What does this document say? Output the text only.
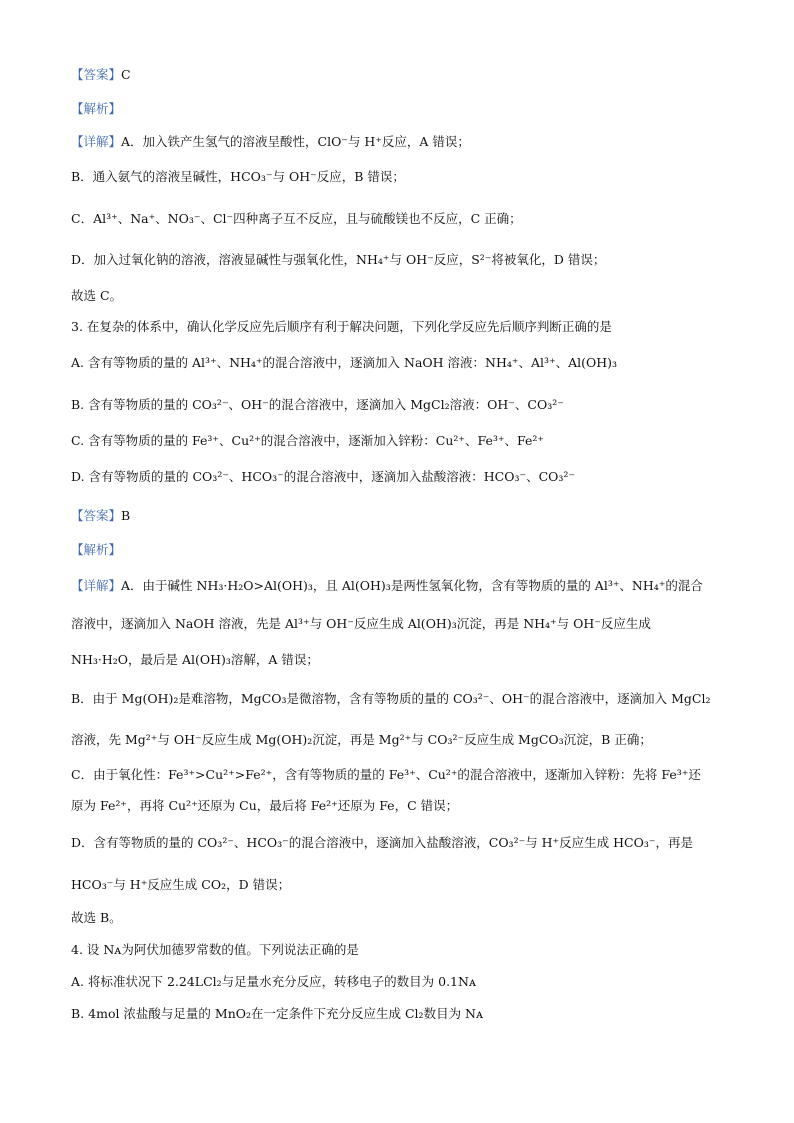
【答案】C
【解析】
【详解】A．加入铁产生氢气的溶液呈酸性，ClO⁻与 H⁺反应，A 错误；
B．通入氨气的溶液呈碱性，HCO₃⁻与 OH⁻反应，B 错误；
C．Al³⁺、Na⁺、NO₃⁻、Cl⁻四种离子互不反应，且与硫酸镁也不反应，C 正确；
D．加入过氧化钠的溶液，溶液显碱性与强氧化性，NH₄⁺与 OH⁻反应，S²⁻将被氧化，D 错误；
故选 C。
3. 在复杂的体系中，确认化学反应先后顺序有利于解决问题，下列化学反应先后顺序判断正确的是
A. 含有等物质的量的 Al³⁺、NH₄⁺的混合溶液中，逐滴加入 NaOH 溶液：NH₄⁺、Al³⁺、Al(OH)₃
B. 含有等物质的量的 CO₃²⁻、OH⁻的混合溶液中，逐滴加入 MgCl₂溶液：OH⁻、CO₃²⁻
C. 含有等物质的量的 Fe³⁺、Cu²⁺的混合溶液中，逐渐加入锌粉：Cu²⁺、Fe³⁺、Fe²⁺
D. 含有等物质的量的 CO₃²⁻、HCO₃⁻的混合溶液中，逐滴加入盐酸溶液：HCO₃⁻、CO₃²⁻
【答案】B
【解析】
【详解】A．由于碱性 NH₃·H₂O>Al(OH)₃，且 Al(OH)₃是两性氢氧化物，含有等物质的量的 Al³⁺、NH₄⁺的混合
溶液中，逐滴加入 NaOH 溶液，先是 Al³⁺与 OH⁻反应生成 Al(OH)₃沉淀，再是 NH₄⁺与 OH⁻反应生成
NH₃·H₂O，最后是 Al(OH)₃溶解，A 错误；
B．由于 Mg(OH)₂是难溶物，MgCO₃是微溶物，含有等物质的量的 CO₃²⁻、OH⁻的混合溶液中，逐滴加入 MgCl₂
溶液，先 Mg²⁺与 OH⁻反应生成 Mg(OH)₂沉淀，再是 Mg²⁺与 CO₃²⁻反应生成 MgCO₃沉淀，B 正确；
C．由于氧化性：Fe³⁺>Cu²⁺>Fe²⁺，含有等物质的量的 Fe³⁺、Cu²⁺的混合溶液中，逐渐加入锌粉：先将 Fe³⁺还
原为 Fe²⁺，再将 Cu²⁺还原为 Cu，最后将 Fe²⁺还原为 Fe，C 错误；
D．含有等物质的量的 CO₃²⁻、HCO₃⁻的混合溶液中，逐滴加入盐酸溶液，CO₃²⁻与 H⁺反应生成 HCO₃⁻，再是
HCO₃⁻与 H⁺反应生成 CO₂，D 错误；
故选 B。
4. 设 Nᴀ为阿伏加德罗常数的值。下列说法正确的是
A. 将标准状况下 2.24LCl₂与足量水充分反应，转移电子的数目为 0.1Nᴀ
B. 4mol 浓盐酸与足量的 MnO₂在一定条件下充分反应生成 Cl₂数目为 Nᴀ
